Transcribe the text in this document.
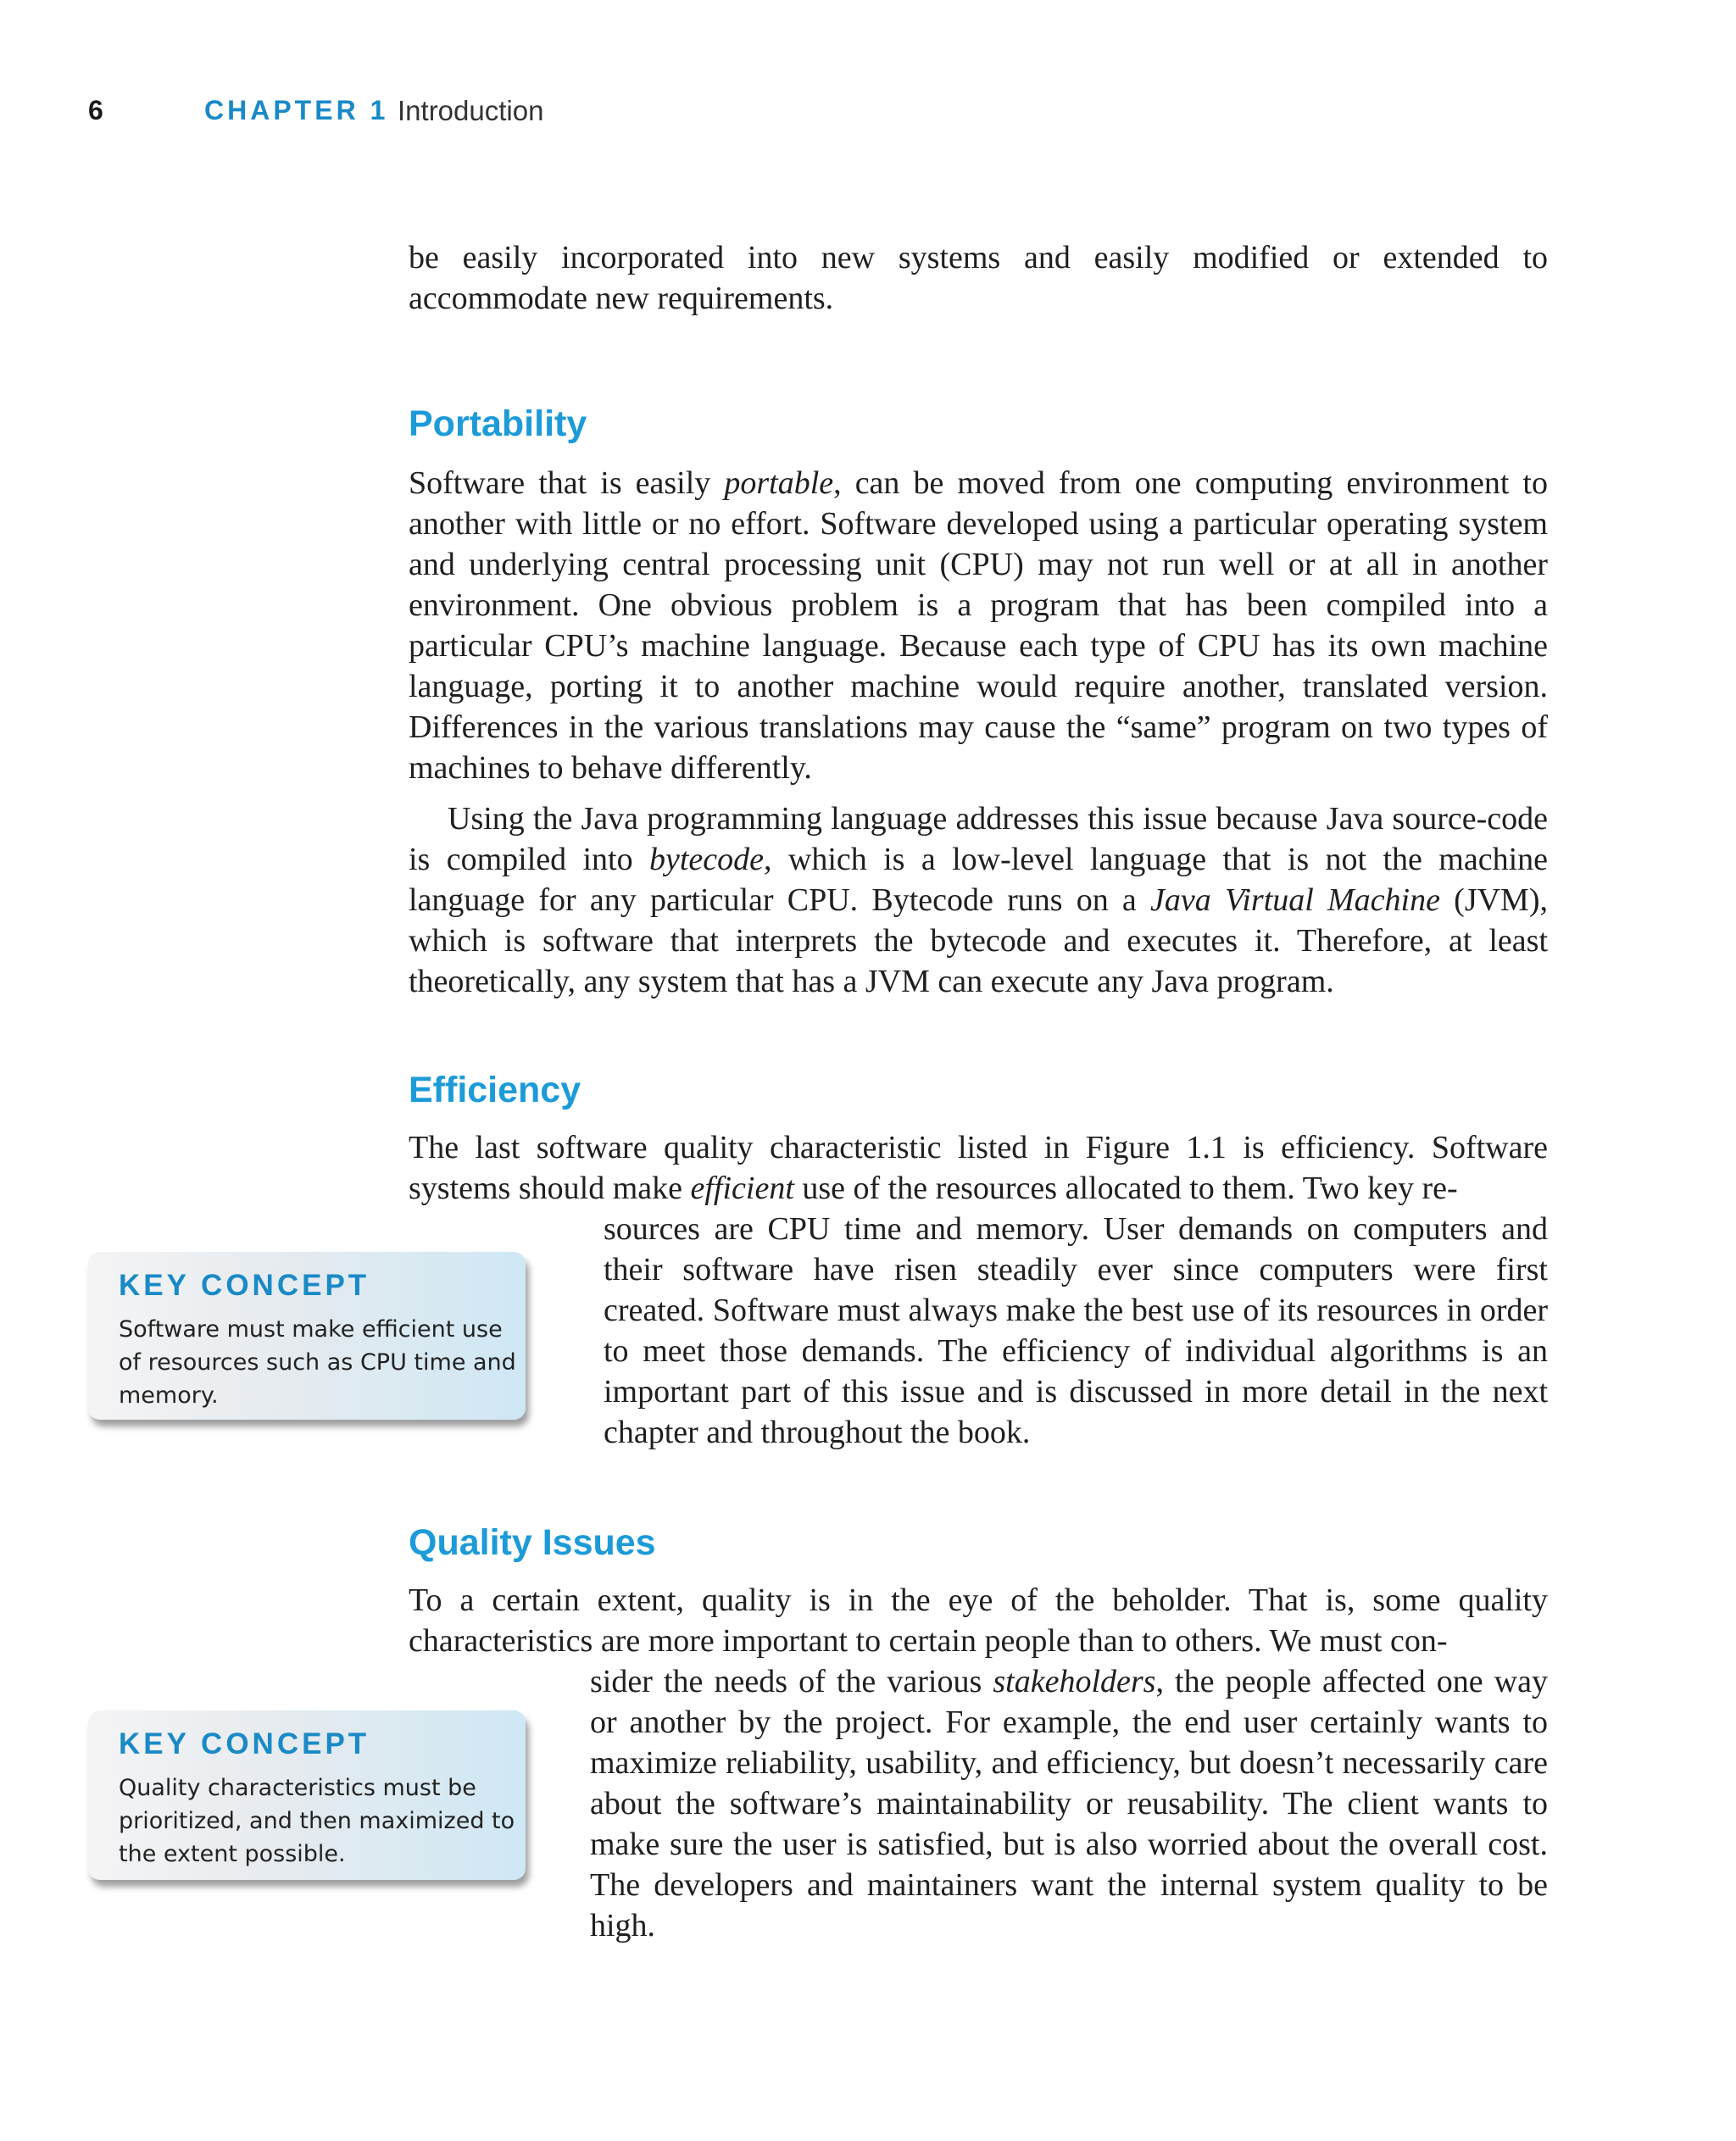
6	CHAPTER 1 Introduction

be easily incorporated into new systems and easily modified or extended to accommodate new requirements.

Portability

Software that is easily portable, can be moved from one computing environment to another with little or no effort. Software developed using a particular operating system and underlying central processing unit (CPU) may not run well or at all in another environment. One obvious problem is a program that has been compiled into a particular CPU’s machine language. Because each type of CPU has its own machine language, porting it to another machine would require another, translated version. Differences in the various translations may cause the “same” program on two types of machines to behave differently.

Using the Java programming language addresses this issue because Java source-code is compiled into bytecode, which is a low-level language that is not the machine language for any particular CPU. Bytecode runs on a Java Virtual Machine (JVM), which is software that interprets the bytecode and executes it. Therefore, at least theoretically, any system that has a JVM can execute any Java program.

Efficiency

The last software quality characteristic listed in Figure 1.1 is efficiency. Software systems should make efficient use of the resources allocated to them. Two key re-

sources are CPU time and memory. User demands on computers and their software have risen steadily ever since computers were first created. Software must always make the best use of its resources in order to meet those demands. The efficiency of individual algorithms is an important part of this issue and is discussed in more detail in the next chapter and throughout the book.

KEY CONCEPT
Software must make efficient use of resources such as CPU time and memory.
Quality Issues

To a certain extent, quality is in the eye of the beholder. That is, some quality characteristics are more important to certain people than to others. We must con-

sider the needs of the various stakeholders, the people affected one way or another by the project. For example, the end user certainly wants to maximize reliability, usability, and efficiency, but doesn’t necessarily care about the software’s maintainability or reusability. The client wants to make sure the user is satisfied, but is also worried about the overall cost. The developers and maintainers want the internal system quality to be high.

KEY CONCEPT
Quality characteristics must be prioritized, and then maximized to the extent possible.
